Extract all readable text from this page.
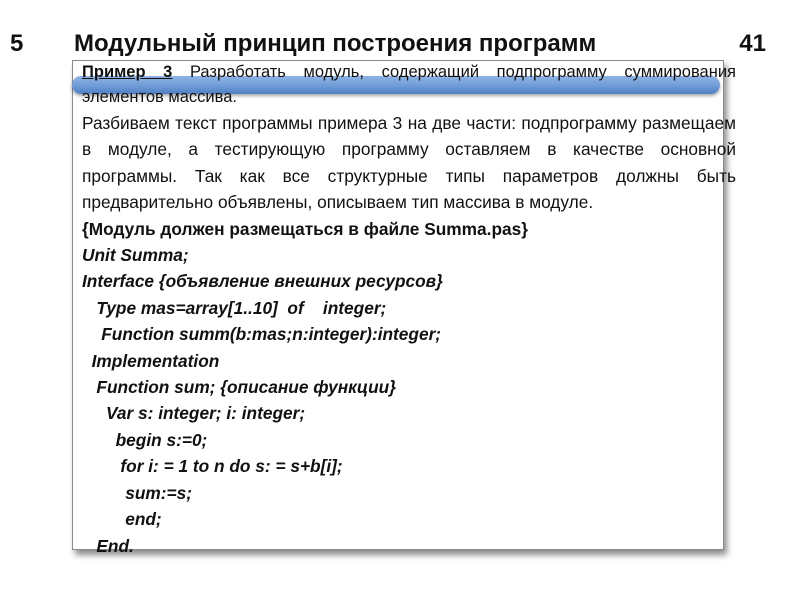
5 Модульный принцип построения программ	41

Пример 3 Разработать модуль, содержащий подпрограмму суммирования элементов массива.

Разбиваем текст программы примера 3 на две части: подпрограмму размещаем в модуле, а тестирующую программу оставляем в качестве основной программы. Так как все структурные типы параметров должны быть предварительно объявлены, описываем тип массива в модуле.

{Модуль должен размещаться в файле Summa.pas}
Unit Summa;
Interface {объявление внешних ресурсов}
Type mas=array[1..10]  of    integer;
Function summ(b:mas;n:integer):integer;
Implementation
Function sum; {описание функции}
Var s: integer; i: integer;
begin s:=0;
for i: = 1 to n do s: = s+b[i];
sum:=s;
end;
End.
